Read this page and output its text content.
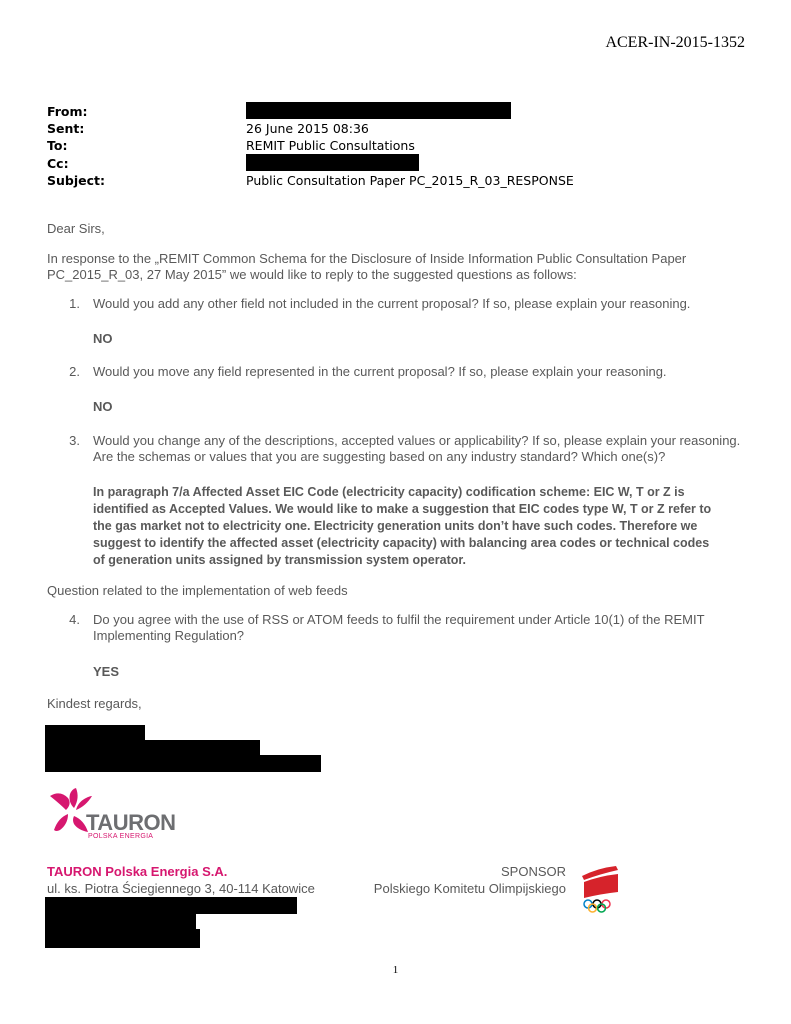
ACER-IN-2015-1352
From:
Sent:	26 June 2015 08:36
To:	REMIT Public Consultations
Cc:
Subject:	Public Consultation Paper PC_2015_R_03_RESPONSE
Dear Sirs,
In response to the „REMIT Common Schema for the Disclosure of Inside Information Public Consultation Paper
PC_2015_R_03, 27 May 2015” we would like to reply to the suggested questions as follows:
1. Would you add any other field not included in the current proposal? If so, please explain your reasoning.
NO
2. Would you move any field represented in the current proposal? If so, please explain your reasoning.
NO
3. Would you change any of the descriptions, accepted values or applicability? If so, please explain your reasoning.
Are the schemas or values that you are suggesting based on any industry standard? Which one(s)?
In paragraph 7/a Affected Asset EIC Code (electricity capacity) codification scheme: EIC W, T or Z is
identified as Accepted Values. We would like to make a suggestion that EIC codes type W, T or Z refer to
the gas market not to electricity one. Electricity generation units don’t have such codes. Therefore we
suggest to identify the affected asset (electricity capacity) with balancing area codes or technical codes
of generation units assigned by transmission system operator.
Question related to the implementation of web feeds
4. Do you agree with the use of RSS or ATOM feeds to fulfil the requirement under Article 10(1) of the REMIT
Implementing Regulation?
YES
Kindest regards,
TAURON
POLSKA ENERGIA
TAURON Polska Energia S.A.
ul. ks. Piotra Ściegiennego 3, 40-114 Katowice
SPONSOR
Polskiego Komitetu Olimpijskiego
1
